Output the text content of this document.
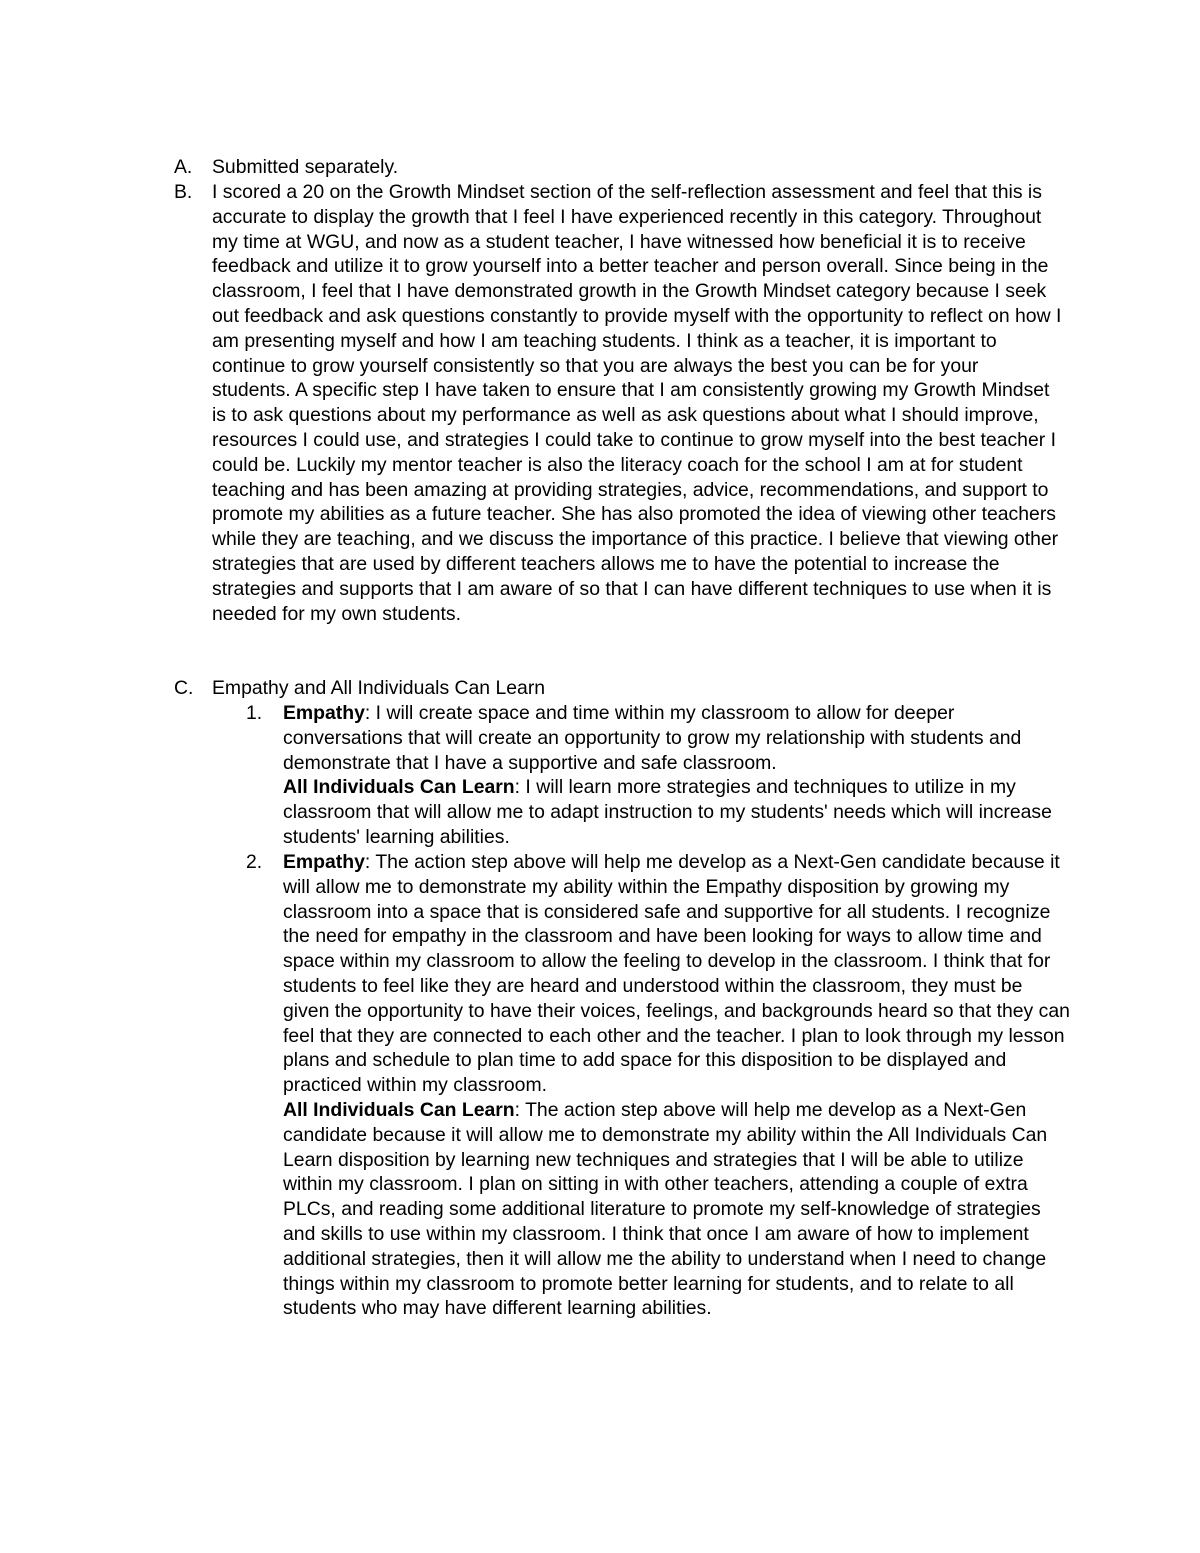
A.	Submitted separately.
B.	I scored a 20 on the Growth Mindset section of the self-reflection assessment and feel that this is accurate to display the growth that I feel I have experienced recently in this category. Throughout my time at WGU, and now as a student teacher, I have witnessed how beneficial it is to receive feedback and utilize it to grow yourself into a better teacher and person overall. Since being in the classroom, I feel that I have demonstrated growth in the Growth Mindset category because I seek out feedback and ask questions constantly to provide myself with the opportunity to reflect on how I am presenting myself and how I am teaching students. I think as a teacher, it is important to continue to grow yourself consistently so that you are always the best you can be for your students. A specific step I have taken to ensure that I am consistently growing my Growth Mindset is to ask questions about my performance as well as ask questions about what I should improve, resources I could use, and strategies I could take to continue to grow myself into the best teacher I could be. Luckily my mentor teacher is also the literacy coach for the school I am at for student teaching and has been amazing at providing strategies, advice, recommendations, and support to promote my abilities as a future teacher. She has also promoted the idea of viewing other teachers while they are teaching, and we discuss the importance of this practice. I believe that viewing other strategies that are used by different teachers allows me to have the potential to increase the strategies and supports that I am aware of so that I can have different techniques to use when it is needed for my own students.
C. Empathy and All Individuals Can Learn
1.	Empathy: I will create space and time within my classroom to allow for deeper conversations that will create an opportunity to grow my relationship with students and demonstrate that I have a supportive and safe classroom.
All Individuals Can Learn: I will learn more strategies and techniques to utilize in my classroom that will allow me to adapt instruction to my students' needs which will increase students' learning abilities.
2.	Empathy: The action step above will help me develop as a Next-Gen candidate because it will allow me to demonstrate my ability within the Empathy disposition by growing my classroom into a space that is considered safe and supportive for all students. I recognize the need for empathy in the classroom and have been looking for ways to allow time and space within my classroom to allow the feeling to develop in the classroom. I think that for students to feel like they are heard and understood within the classroom, they must be given the opportunity to have their voices, feelings, and backgrounds heard so that they can feel that they are connected to each other and the teacher. I plan to look through my lesson plans and schedule to plan time to add space for this disposition to be displayed and practiced within my classroom.
All Individuals Can Learn: The action step above will help me develop as a Next-Gen candidate because it will allow me to demonstrate my ability within the All Individuals Can Learn disposition by learning new techniques and strategies that I will be able to utilize within my classroom. I plan on sitting in with other teachers, attending a couple of extra PLCs, and reading some additional literature to promote my self-knowledge of strategies and skills to use within my classroom. I think that once I am aware of how to implement additional strategies, then it will allow me the ability to understand when I need to change things within my classroom to promote better learning for students, and to relate to all students who may have different learning abilities.
